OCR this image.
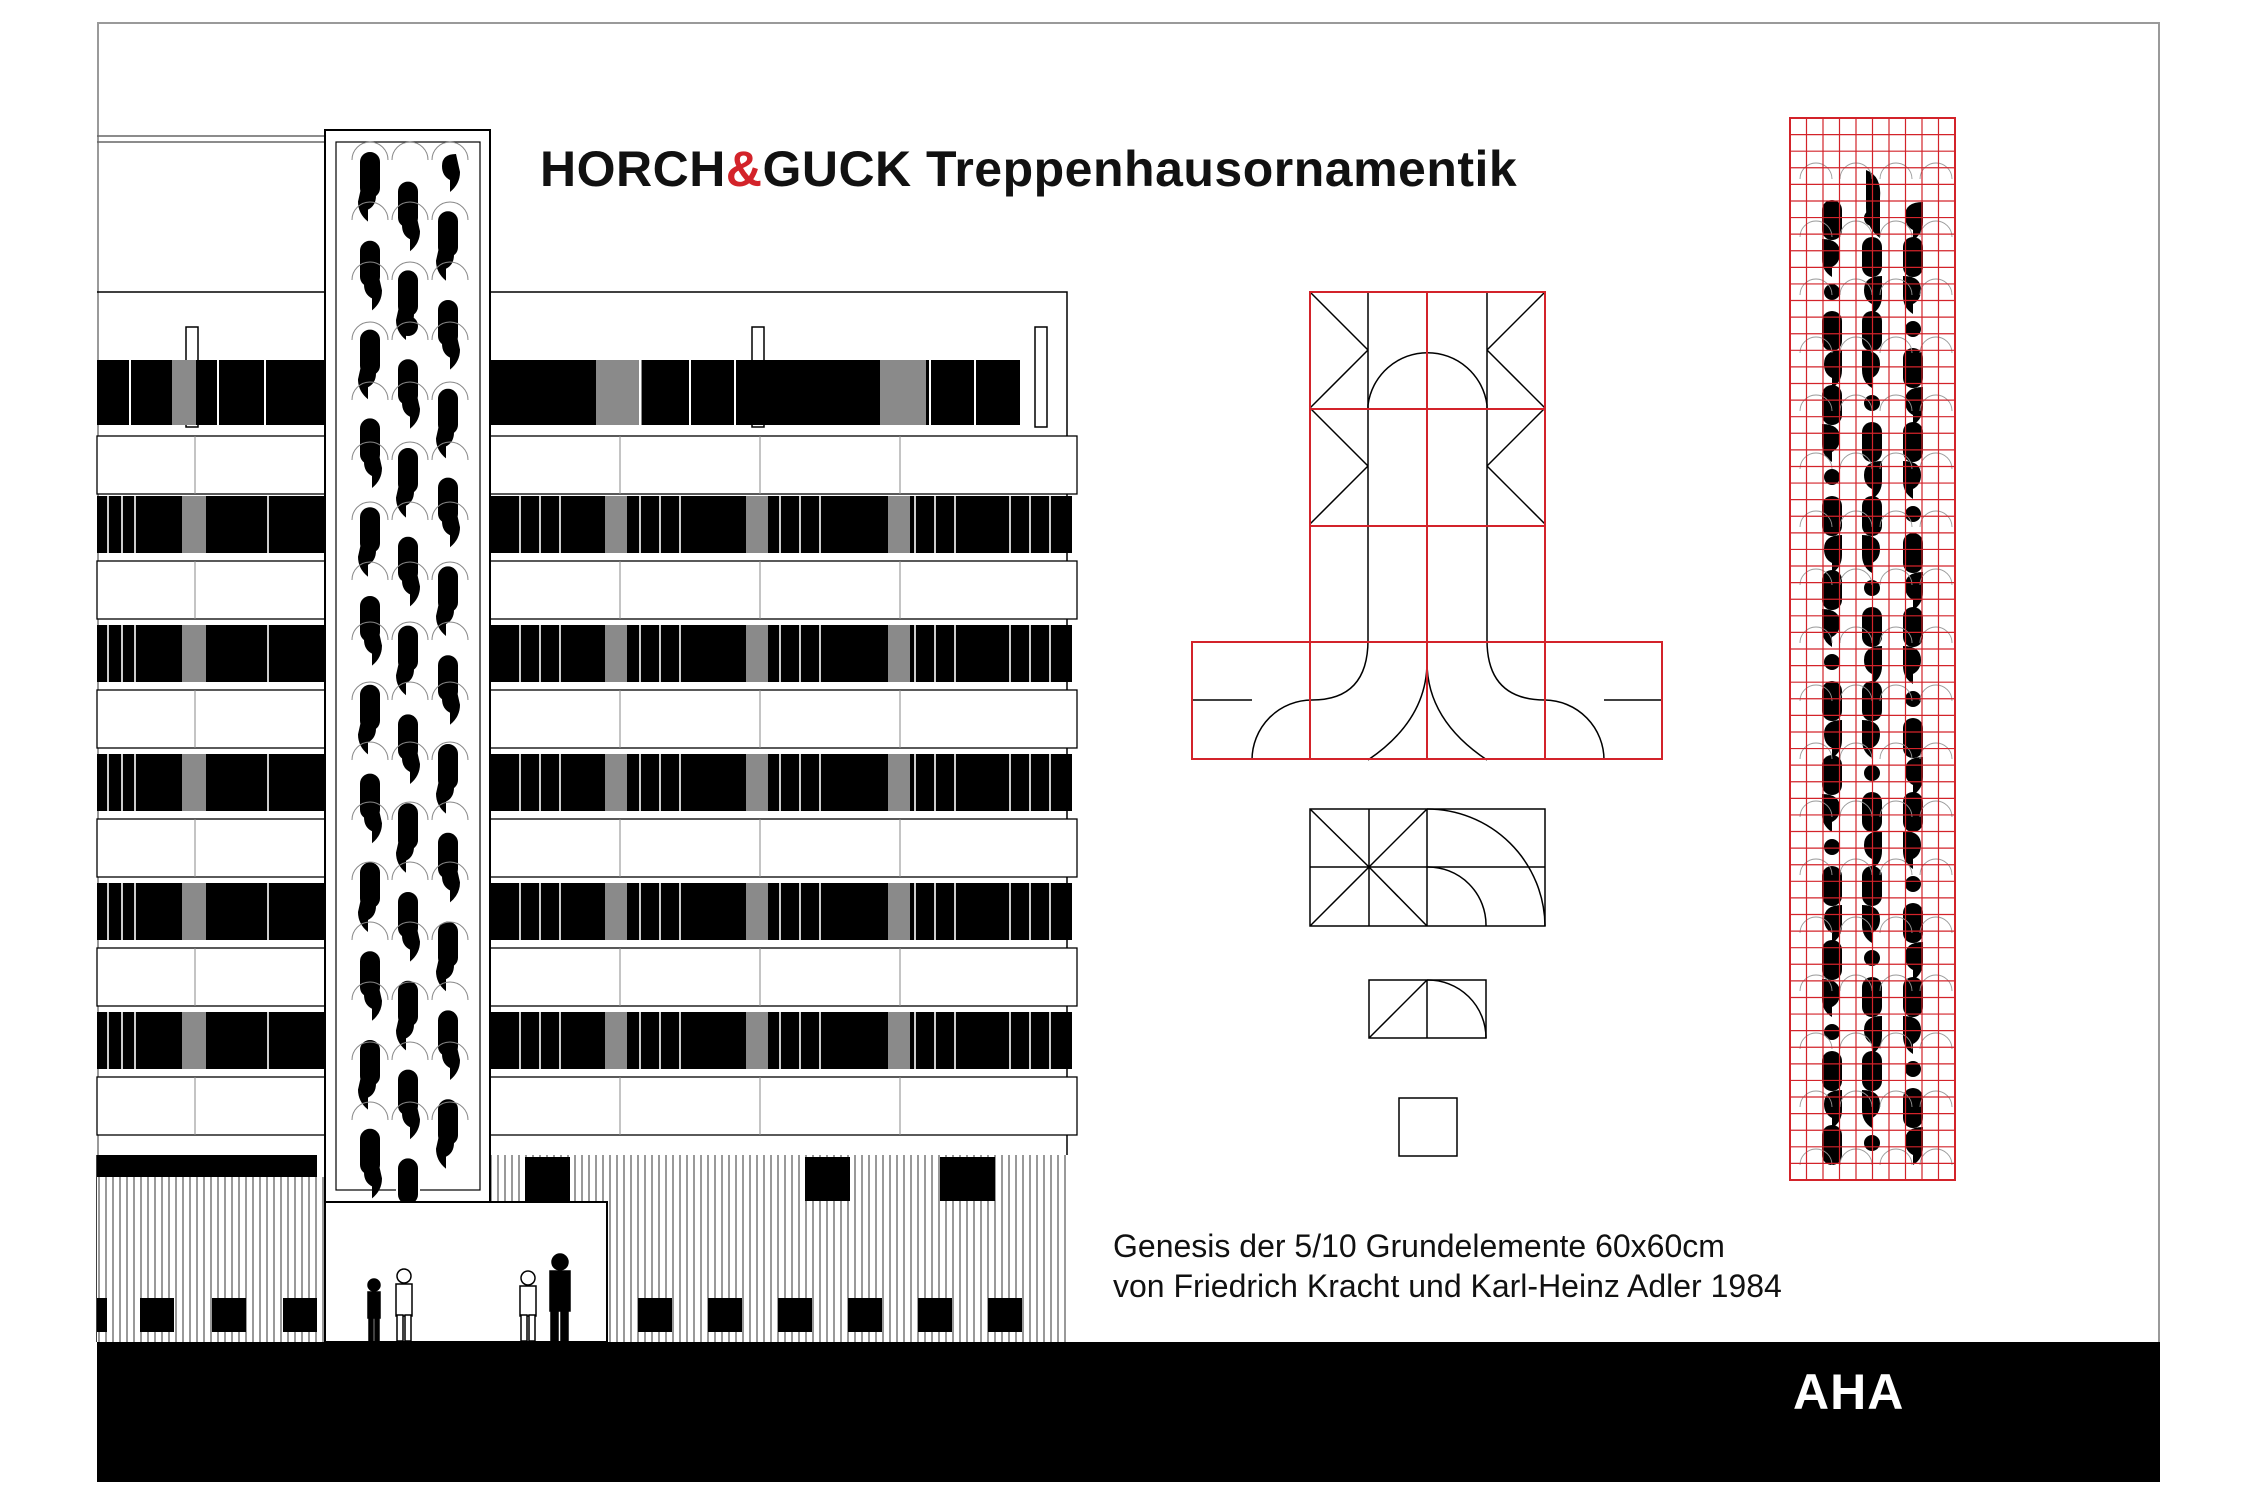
HORCH&GUCK Treppenhausornamentik
Genesis der 5/10 Grundelemente 60x60cm
von Friedrich Kracht und Karl-Heinz Adler 1984
AHA
